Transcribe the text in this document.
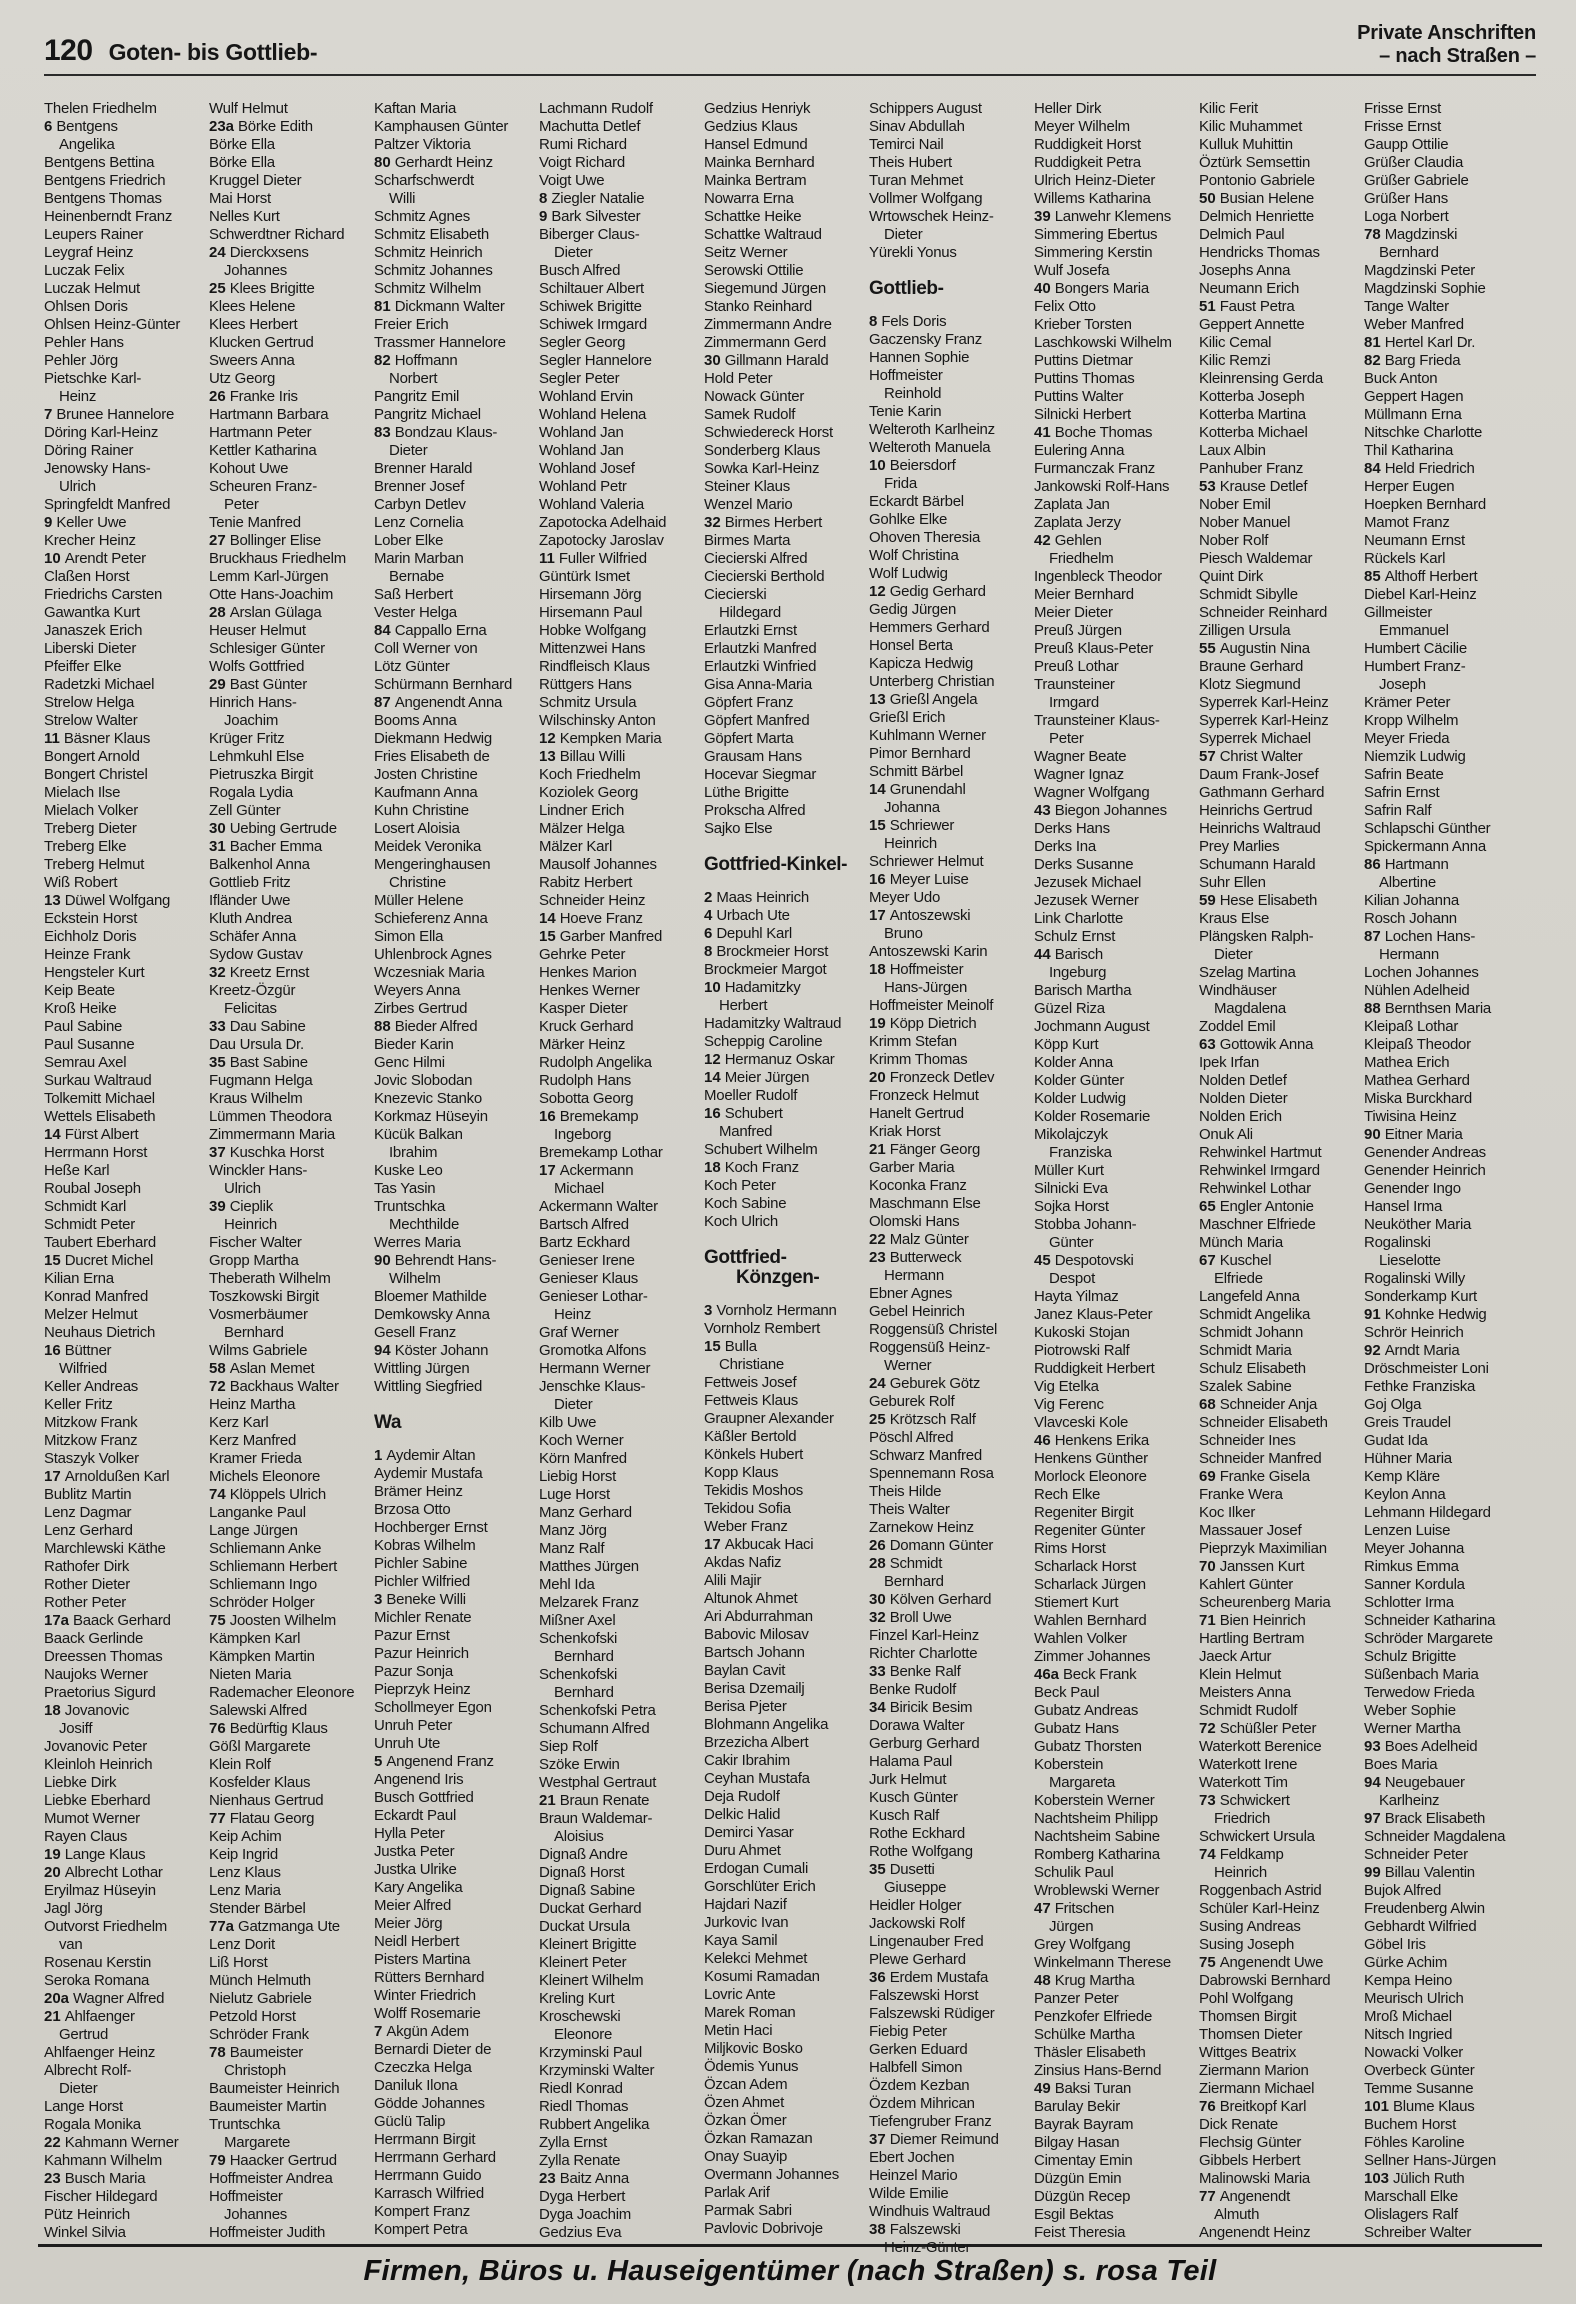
120 Goten- bis Gottlieb-
Private Anschriften
– nach Straßen –
Thelen Friedhelm
6 Bentgens
Angelika
Bentgens Bettina
Bentgens Friedrich
Bentgens Thomas
Heinenberndt Franz
Leupers Rainer
Leygraf Heinz
Luczak Felix
Luczak Helmut
Ohlsen Doris
Ohlsen Heinz-Günter
Pehler Hans
Pehler Jörg
Pietschke Karl-
Heinz
7 Brunee Hannelore
Döring Karl-Heinz
Döring Rainer
Jenowsky Hans-
Ulrich
Springfeldt Manfred
9 Keller Uwe
Krecher Heinz
10 Arendt Peter
Claßen Horst
Friedrichs Carsten
Gawantka Kurt
Janaszek Erich
Liberski Dieter
Pfeiffer Elke
Radetzki Michael
Strelow Helga
Strelow Walter
11 Bäsner Klaus
Bongert Arnold
Bongert Christel
Mielach Ilse
Mielach Volker
Treberg Dieter
Treberg Elke
Treberg Helmut
Wiß Robert
13 Düwel Wolfgang
Eckstein Horst
Eichholz Doris
Heinze Frank
Hengsteler Kurt
Keip Beate
Kroß Heike
Paul Sabine
Paul Susanne
Semrau Axel
Surkau Waltraud
Tolkemitt Michael
Wettels Elisabeth
14 Fürst Albert
Herrmann Horst
Heße Karl
Roubal Joseph
Schmidt Karl
Schmidt Peter
Taubert Eberhard
15 Ducret Michel
Kilian Erna
Konrad Manfred
Melzer Helmut
Neuhaus Dietrich
16 Büttner
Wilfried
Keller Andreas
Keller Fritz
Mitzkow Frank
Mitzkow Franz
Staszyk Volker
17 Arnoldußen Karl
Bublitz Martin
Lenz Dagmar
Lenz Gerhard
Marchlewski Käthe
Rathofer Dirk
Rother Dieter
Rother Peter
17a Baack Gerhard
Baack Gerlinde
Dreessen Thomas
Naujoks Werner
Praetorius Sigurd
18 Jovanovic
Josiff
Jovanovic Peter
Kleinloh Heinrich
Liebke Dirk
Liebke Eberhard
Mumot Werner
Rayen Claus
19 Lange Klaus
20 Albrecht Lothar
Eryilmaz Hüseyin
Jagl Jörg
Outvorst Friedhelm
van
Rosenau Kerstin
Seroka Romana
20a Wagner Alfred
21 Ahlfaenger
Gertrud
Ahlfaenger Heinz
Albrecht Rolf-
Dieter
Lange Horst
Rogala Monika
22 Kahmann Werner
Kahmann Wilhelm
23 Busch Maria
Fischer Hildegard
Pütz Heinrich
Winkel Silvia
Wulf Helmut
23a Börke Edith
Börke Ella
Börke Ella
Kruggel Dieter
Mai Horst
Nelles Kurt
Schwerdtner Richard
24 Dierckxsens
Johannes
25 Klees Brigitte
Klees Helene
Klees Herbert
Klucken Gertrud
Sweers Anna
Utz Georg
26 Franke Iris
Hartmann Barbara
Hartmann Peter
Kettler Katharina
Kohout Uwe
Scheuren Franz-
Peter
Tenie Manfred
27 Bollinger Elise
Bruckhaus Friedhelm
Lemm Karl-Jürgen
Otte Hans-Joachim
28 Arslan Gülaga
Heuser Helmut
Schlesiger Günter
Wolfs Gottfried
29 Bast Günter
Hinrich Hans-
Joachim
Krüger Fritz
Lehmkuhl Else
Pietruszka Birgit
Rogala Lydia
Zell Günter
30 Uebing Gertrude
31 Bacher Emma
Balkenhol Anna
Gottlieb Fritz
Ifländer Uwe
Kluth Andrea
Schäfer Anna
Sydow Gustav
32 Kreetz Ernst
Kreetz-Özgür
Felicitas
33 Dau Sabine
Dau Ursula Dr.
35 Bast Sabine
Fugmann Helga
Kraus Wilhelm
Lümmen Theodora
Zimmermann Maria
37 Kuschka Horst
Winckler Hans-
Ulrich
39 Cieplik
Heinrich
Fischer Walter
Gropp Martha
Theberath Wilhelm
Toszkowski Birgit
Vosmerbäumer
Bernhard
Wilms Gabriele
58 Aslan Memet
72 Backhaus Walter
Heinz Martha
Kerz Karl
Kerz Manfred
Kramer Frieda
Michels Eleonore
74 Klöppels Ulrich
Langanke Paul
Lange Jürgen
Schliemann Anke
Schliemann Herbert
Schliemann Ingo
Schröder Holger
75 Joosten Wilhelm
Kämpken Karl
Kämpken Martin
Nieten Maria
Rademacher Eleonore
Salewski Alfred
76 Bedürftig Klaus
Gößl Margarete
Klein Rolf
Kosfelder Klaus
Nienhaus Gertrud
77 Flatau Georg
Keip Achim
Keip Ingrid
Lenz Klaus
Lenz Maria
Stender Bärbel
77a Gatzmanga Ute
Lenz Dorit
Liß Horst
Münch Helmuth
Nielutz Gabriele
Petzold Horst
Schröder Frank
78 Baumeister
Christoph
Baumeister Heinrich
Baumeister Martin
Truntschka
Margarete
79 Haacker Gertrud
Hoffmeister Andrea
Hoffmeister
Johannes
Hoffmeister Judith
Kaftan Maria
Kamphausen Günter
Paltzer Viktoria
80 Gerhardt Heinz
Scharfschwerdt
Willi
Schmitz Agnes
Schmitz Elisabeth
Schmitz Heinrich
Schmitz Johannes
Schmitz Wilhelm
81 Dickmann Walter
Freier Erich
Trassmer Hannelore
82 Hoffmann
Norbert
Pangritz Emil
Pangritz Michael
83 Bondzau Klaus-
Dieter
Brenner Harald
Brenner Josef
Carbyn Detlev
Lenz Cornelia
Lober Elke
Marin Marban
Bernabe
Saß Herbert
Vester Helga
84 Cappallo Erna
Coll Werner von
Lötz Günter
Schürmann Bernhard
87 Angenendt Anna
Booms Anna
Diekmann Hedwig
Fries Elisabeth de
Josten Christine
Kaufmann Anna
Kuhn Christine
Losert Aloisia
Meidek Veronika
Mengeringhausen
Christine
Müller Helene
Schieferenz Anna
Simon Ella
Uhlenbrock Agnes
Wczesniak Maria
Weyers Anna
Zirbes Gertrud
88 Bieder Alfred
Bieder Karin
Genc Hilmi
Jovic Slobodan
Knezevic Stanko
Korkmaz Hüseyin
Kücük Balkan
Ibrahim
Kuske Leo
Tas Yasin
Truntschka
Mechthilde
Werres Maria
90 Behrendt Hans-
Wilhelm
Bloemer Mathilde
Demkowsky Anna
Gesell Franz
94 Köster Johann
Wittling Jürgen
Wittling Siegfried
Wa
1 Aydemir Altan
Aydemir Mustafa
Brämer Heinz
Brzosa Otto
Hochberger Ernst
Kobras Wilhelm
Pichler Sabine
Pichler Wilfried
3 Beneke Willi
Michler Renate
Pazur Ernst
Pazur Heinrich
Pazur Sonja
Pieprzyk Heinz
Schollmeyer Egon
Unruh Peter
Unruh Ute
5 Angenend Franz
Angenend Iris
Busch Gottfried
Eckardt Paul
Hylla Peter
Justka Peter
Justka Ulrike
Kary Angelika
Meier Alfred
Meier Jörg
Neidl Herbert
Pisters Martina
Rütters Bernhard
Winter Friedrich
Wolff Rosemarie
7 Akgün Adem
Bernardi Dieter de
Czeczka Helga
Daniluk Ilona
Gödde Johannes
Güclü Talip
Herrmann Birgit
Herrmann Gerhard
Herrmann Guido
Karrasch Wilfried
Kompert Franz
Kompert Petra
Lachmann Rudolf
Machutta Detlef
Rumi Richard
Voigt Richard
Voigt Uwe
8 Ziegler Natalie
9 Bark Silvester
Biberger Claus-
Dieter
Busch Alfred
Schiltauer Albert
Schiwek Brigitte
Schiwek Irmgard
Segler Georg
Segler Hannelore
Segler Peter
Wohland Ervin
Wohland Helena
Wohland Jan
Wohland Jan
Wohland Josef
Wohland Petr
Wohland Valeria
Zapotocka Adelhaid
Zapotocky Jaroslav
11 Fuller Wilfried
Güntürk Ismet
Hirsemann Jörg
Hirsemann Paul
Hobke Wolfgang
Mittenzwei Hans
Rindfleisch Klaus
Rüttgers Hans
Schmitz Ursula
Wilschinsky Anton
12 Kempken Maria
13 Billau Willi
Koch Friedhelm
Koziolek Georg
Lindner Erich
Mälzer Helga
Mälzer Karl
Mausolf Johannes
Rabitz Herbert
Schneider Heinz
14 Hoeve Franz
15 Garber Manfred
Gehrke Peter
Henkes Marion
Henkes Werner
Kasper Dieter
Kruck Gerhard
Märker Heinz
Rudolph Angelika
Rudolph Hans
Sobotta Georg
16 Bremekamp
Ingeborg
Bremekamp Lothar
17 Ackermann
Michael
Ackermann Walter
Bartsch Alfred
Bartz Eckhard
Genieser Irene
Genieser Klaus
Genieser Lothar-
Heinz
Graf Werner
Gromotka Alfons
Hermann Werner
Jenschke Klaus-
Dieter
Kilb Uwe
Koch Werner
Körn Manfred
Liebig Horst
Luge Horst
Manz Gerhard
Manz Jörg
Manz Ralf
Matthes Jürgen
Mehl Ida
Melzarek Franz
Mißner Axel
Schenkofski
Bernhard
Schenkofski
Bernhard
Schenkofski Petra
Schumann Alfred
Siep Rolf
Szöke Erwin
Westphal Gertraut
21 Braun Renate
Braun Waldemar-
Aloisius
Dignaß Andre
Dignaß Horst
Dignaß Sabine
Duckat Gerhard
Duckat Ursula
Kleinert Brigitte
Kleinert Peter
Kleinert Wilhelm
Kreling Kurt
Kroschewski
Eleonore
Krzyminski Paul
Krzyminski Walter
Riedl Konrad
Riedl Thomas
Rubbert Angelika
Zylla Ernst
Zylla Renate
23 Baitz Anna
Dyga Herbert
Dyga Joachim
Gedzius Eva
Gedzius Henriyk
Gedzius Klaus
Hansel Edmund
Mainka Bernhard
Mainka Bertram
Nowarra Erna
Schattke Heike
Schattke Waltraud
Seitz Werner
Serowski Ottilie
Siegemund Jürgen
Stanko Reinhard
Zimmermann Andre
Zimmermann Gerd
30 Gillmann Harald
Hold Peter
Nowack Günter
Samek Rudolf
Schwiedereck Horst
Sonderberg Klaus
Sowka Karl-Heinz
Steiner Klaus
Wenzel Mario
32 Birmes Herbert
Birmes Marta
Ciecierski Alfred
Ciecierski Berthold
Ciecierski
Hildegard
Erlautzki Ernst
Erlautzki Manfred
Erlautzki Winfried
Gisa Anna-Maria
Göpfert Franz
Göpfert Manfred
Göpfert Marta
Grausam Hans
Hocevar Siegmar
Lüthe Brigitte
Prokscha Alfred
Sajko Else
Gottfried-Kinkel-
2 Maas Heinrich
4 Urbach Ute
6 Depuhl Karl
8 Brockmeier Horst
Brockmeier Margot
10 Hadamitzky
Herbert
Hadamitzky Waltraud
Scheppig Caroline
12 Hermanuz Oskar
14 Meier Jürgen
Moeller Rudolf
16 Schubert
Manfred
Schubert Wilhelm
18 Koch Franz
Koch Peter
Koch Sabine
Koch Ulrich
Gottfried-
Könzgen-
3 Vornholz Hermann
Vornholz Rembert
15 Bulla
Christiane
Fettweis Josef
Fettweis Klaus
Graupner Alexander
Käßler Bertold
Könkels Hubert
Kopp Klaus
Tekidis Moshos
Tekidou Sofia
Weber Franz
17 Akbucak Haci
Akdas Nafiz
Alili Majir
Altunok Ahmet
Ari Abdurrahman
Babovic Milosav
Bartsch Johann
Baylan Cavit
Berisa Dzemailj
Berisa Pjeter
Blohmann Angelika
Brzezicha Albert
Cakir Ibrahim
Ceyhan Mustafa
Deja Rudolf
Delkic Halid
Demirci Yasar
Duru Ahmet
Erdogan Cumali
Gorschlüter Erich
Hajdari Nazif
Jurkovic Ivan
Kaya Samil
Kelekci Mehmet
Kosumi Ramadan
Lovric Ante
Marek Roman
Metin Haci
Miljkovic Bosko
Ödemis Yunus
Özcan Adem
Özen Ahmet
Özkan Ömer
Özkan Ramazan
Onay Suayip
Overmann Johannes
Parlak Arif
Parmak Sabri
Pavlovic Dobrivoje
Schippers August
Sinav Abdullah
Temirci Nail
Theis Hubert
Turan Mehmet
Vollmer Wolfgang
Wrtowschek Heinz-
Dieter
Yürekli Yonus
Gottlieb-
8 Fels Doris
Gaczensky Franz
Hannen Sophie
Hoffmeister
Reinhold
Tenie Karin
Welteroth Karlheinz
Welteroth Manuela
10 Beiersdorf
Frida
Eckardt Bärbel
Gohlke Elke
Ohoven Theresia
Wolf Christina
Wolf Ludwig
12 Gedig Gerhard
Gedig Jürgen
Hemmers Gerhard
Honsel Berta
Kapicza Hedwig
Unterberg Christian
13 Grießl Angela
Grießl Erich
Kuhlmann Werner
Pimor Bernhard
Schmitt Bärbel
14 Grunendahl
Johanna
15 Schriewer
Heinrich
Schriewer Helmut
16 Meyer Luise
Meyer Udo
17 Antoszewski
Bruno
Antoszewski Karin
18 Hoffmeister
Hans-Jürgen
Hoffmeister Meinolf
19 Köpp Dietrich
Krimm Stefan
Krimm Thomas
20 Fronzeck Detlev
Fronzeck Helmut
Hanelt Gertrud
Kriak Horst
21 Fänger Georg
Garber Maria
Koconka Franz
Maschmann Else
Olomski Hans
22 Malz Günter
23 Butterweck
Hermann
Ebner Agnes
Gebel Heinrich
Roggensüß Christel
Roggensüß Heinz-
Werner
24 Geburek Götz
Geburek Rolf
25 Krötzsch Ralf
Pöschl Alfred
Schwarz Manfred
Spennemann Rosa
Theis Hilde
Theis Walter
Zarnekow Heinz
26 Domann Günter
28 Schmidt
Bernhard
30 Kölven Gerhard
32 Broll Uwe
Finzel Karl-Heinz
Richter Charlotte
33 Benke Ralf
Benke Rudolf
34 Biricik Besim
Dorawa Walter
Gerburg Gerhard
Halama Paul
Jurk Helmut
Kusch Günter
Kusch Ralf
Rothe Eckhard
Rothe Wolfgang
35 Dusetti
Giuseppe
Heidler Holger
Jackowski Rolf
Lingenauber Fred
Plewe Gerhard
36 Erdem Mustafa
Falszewski Horst
Falszewski Rüdiger
Fiebig Peter
Gerken Eduard
Halbfell Simon
Özdem Kezban
Özdem Mihrican
Tiefengruber Franz
37 Diemer Reimund
Ebert Jochen
Heinzel Mario
Wilde Emilie
Windhuis Waltraud
38 Falszewski
Heinz-Günter
Heller Dirk
Meyer Wilhelm
Ruddigkeit Horst
Ruddigkeit Petra
Ulrich Heinz-Dieter
Willems Katharina
39 Lanwehr Klemens
Simmering Ebertus
Simmering Kerstin
Wulf Josefa
40 Bongers Maria
Felix Otto
Krieber Torsten
Laschkowski Wilhelm
Puttins Dietmar
Puttins Thomas
Puttins Walter
Silnicki Herbert
41 Boche Thomas
Eulering Anna
Furmanczak Franz
Jankowski Rolf-Hans
Zaplata Jan
Zaplata Jerzy
42 Gehlen
Friedhelm
Ingenbleck Theodor
Meier Bernhard
Meier Dieter
Preuß Jürgen
Preuß Klaus-Peter
Preuß Lothar
Traunsteiner
Irmgard
Traunsteiner Klaus-
Peter
Wagner Beate
Wagner Ignaz
Wagner Wolfgang
43 Biegon Johannes
Derks Hans
Derks Ina
Derks Susanne
Jezusek Michael
Jezusek Werner
Link Charlotte
Schulz Ernst
44 Barisch
Ingeburg
Barisch Martha
Güzel Riza
Jochmann August
Köpp Kurt
Kolder Anna
Kolder Günter
Kolder Ludwig
Kolder Rosemarie
Mikolajczyk
Franziska
Müller Kurt
Silnicki Eva
Sojka Horst
Stobba Johann-
Günter
45 Despotovski
Despot
Hayta Yilmaz
Janez Klaus-Peter
Kukoski Stojan
Piotrowski Ralf
Ruddigkeit Herbert
Vig Etelka
Vig Ferenc
Vlavceski Kole
46 Henkens Erika
Henkens Günther
Morlock Eleonore
Rech Elke
Regeniter Birgit
Regeniter Günter
Rims Horst
Scharlack Horst
Scharlack Jürgen
Stiemert Kurt
Wahlen Bernhard
Wahlen Volker
Zimmer Johannes
46a Beck Frank
Beck Paul
Gubatz Andreas
Gubatz Hans
Gubatz Thorsten
Koberstein
Margareta
Koberstein Werner
Nachtsheim Philipp
Nachtsheim Sabine
Romberg Katharina
Schulik Paul
Wroblewski Werner
47 Fritschen
Jürgen
Grey Wolfgang
Winkelmann Therese
48 Krug Martha
Panzer Peter
Penzkofer Elfriede
Schülke Martha
Thäsler Elisabeth
Zinsius Hans-Bernd
49 Baksi Turan
Barulay Bekir
Bayrak Bayram
Bilgay Hasan
Cimentay Emin
Düzgün Emin
Düzgün Recep
Esgil Bektas
Feist Theresia
Kilic Ferit
Kilic Muhammet
Kulluk Muhittin
Öztürk Semsettin
Pontonio Gabriele
50 Busian Helene
Delmich Henriette
Delmich Paul
Hendricks Thomas
Josephs Anna
Neumann Erich
51 Faust Petra
Geppert Annette
Kilic Cemal
Kilic Remzi
Kleinrensing Gerda
Kotterba Joseph
Kotterba Martina
Kotterba Michael
Laux Albin
Panhuber Franz
53 Krause Detlef
Nober Emil
Nober Manuel
Nober Rolf
Piesch Waldemar
Quint Dirk
Schmidt Sibylle
Schneider Reinhard
Zilligen Ursula
55 Augustin Nina
Braune Gerhard
Klotz Siegmund
Syperrek Karl-Heinz
Syperrek Karl-Heinz
Syperrek Michael
57 Christ Walter
Daum Frank-Josef
Gathmann Gerhard
Heinrichs Gertrud
Heinrichs Waltraud
Prey Marlies
Schumann Harald
Suhr Ellen
59 Hese Elisabeth
Kraus Else
Plängsken Ralph-
Dieter
Szelag Martina
Windhäuser
Magdalena
Zoddel Emil
63 Gottowik Anna
Ipek Irfan
Nolden Detlef
Nolden Dieter
Nolden Erich
Onuk Ali
Rehwinkel Hartmut
Rehwinkel Irmgard
Rehwinkel Lothar
65 Engler Antonie
Maschner Elfriede
Münch Maria
67 Kuschel
Elfriede
Langefeld Anna
Schmidt Angelika
Schmidt Johann
Schmidt Maria
Schulz Elisabeth
Szalek Sabine
68 Schneider Anja
Schneider Elisabeth
Schneider Ines
Schneider Manfred
69 Franke Gisela
Franke Wera
Koc Ilker
Massauer Josef
Pieprzyk Maximilian
70 Janssen Kurt
Kahlert Günter
Scheurenberg Maria
71 Bien Heinrich
Hartling Bertram
Jaeck Artur
Klein Helmut
Meisters Anna
Schmidt Rudolf
72 Schüßler Peter
Waterkott Berenice
Waterkott Irene
Waterkott Tim
73 Schwickert
Friedrich
Schwickert Ursula
74 Feldkamp
Heinrich
Roggenbach Astrid
Schüler Karl-Heinz
Susing Andreas
Susing Joseph
75 Angenendt Uwe
Dabrowski Bernhard
Pohl Wolfgang
Thomsen Birgit
Thomsen Dieter
Wittges Beatrix
Ziermann Marion
Ziermann Michael
76 Breitkopf Karl
Dick Renate
Flechsig Günter
Gibbels Herbert
Malinowski Maria
77 Angenendt
Almuth
Angenendt Heinz
Frisse Ernst
Frisse Ernst
Gaupp Ottilie
Grüßer Claudia
Grüßer Gabriele
Grüßer Hans
Loga Norbert
78 Magdzinski
Bernhard
Magdzinski Peter
Magdzinski Sophie
Tange Walter
Weber Manfred
81 Hertel Karl Dr.
82 Barg Frieda
Buck Anton
Geppert Hagen
Müllmann Erna
Nitschke Charlotte
Thil Katharina
84 Held Friedrich
Herper Eugen
Hoepken Bernhard
Mamot Franz
Neumann Ernst
Rückels Karl
85 Althoff Herbert
Diebel Karl-Heinz
Gillmeister
Emmanuel
Humbert Cäcilie
Humbert Franz-
Joseph
Krämer Peter
Kropp Wilhelm
Meyer Frieda
Niemzik Ludwig
Safrin Beate
Safrin Ernst
Safrin Ralf
Schlapschi Günther
Spickermann Anna
86 Hartmann
Albertine
Kilian Johanna
Rosch Johann
87 Lochen Hans-
Hermann
Lochen Johannes
Nühlen Adelheid
88 Bernthsen Maria
Kleipaß Lothar
Kleipaß Theodor
Mathea Erich
Mathea Gerhard
Miska Burckhard
Tiwisina Heinz
90 Eitner Maria
Genender Andreas
Genender Heinrich
Genender Ingo
Hansel Irma
Neuköther Maria
Rogalinski
Lieselotte
Rogalinski Willy
Sonderkamp Kurt
91 Kohnke Hedwig
Schrör Heinrich
92 Arndt Maria
Dröschmeister Loni
Fethke Franziska
Goj Olga
Greis Traudel
Gudat Ida
Hühner Maria
Kemp Kläre
Keylon Anna
Lehmann Hildegard
Lenzen Luise
Meyer Johanna
Rimkus Emma
Sanner Kordula
Schlotter Irma
Schneider Katharina
Schröder Margarete
Schulz Brigitte
Süßenbach Maria
Terwedow Frieda
Weber Sophie
Werner Martha
93 Boes Adelheid
Boes Maria
94 Neugebauer
Karlheinz
97 Brack Elisabeth
Schneider Magdalena
Schneider Peter
99 Billau Valentin
Bujok Alfred
Freudenberg Alwin
Gebhardt Wilfried
Göbel Iris
Gürke Achim
Kempa Heino
Meurisch Ulrich
Mroß Michael
Nitsch Ingried
Nowacki Volker
Overbeck Günter
Temme Susanne
101 Blume Klaus
Buchem Horst
Föhles Karoline
Sellner Hans-Jürgen
103 Jülich Ruth
Marschall Elke
Olislagers Ralf
Schreiber Walter
Firmen, Büros u. Hauseigentümer (nach Straßen) s. rosa Teil
